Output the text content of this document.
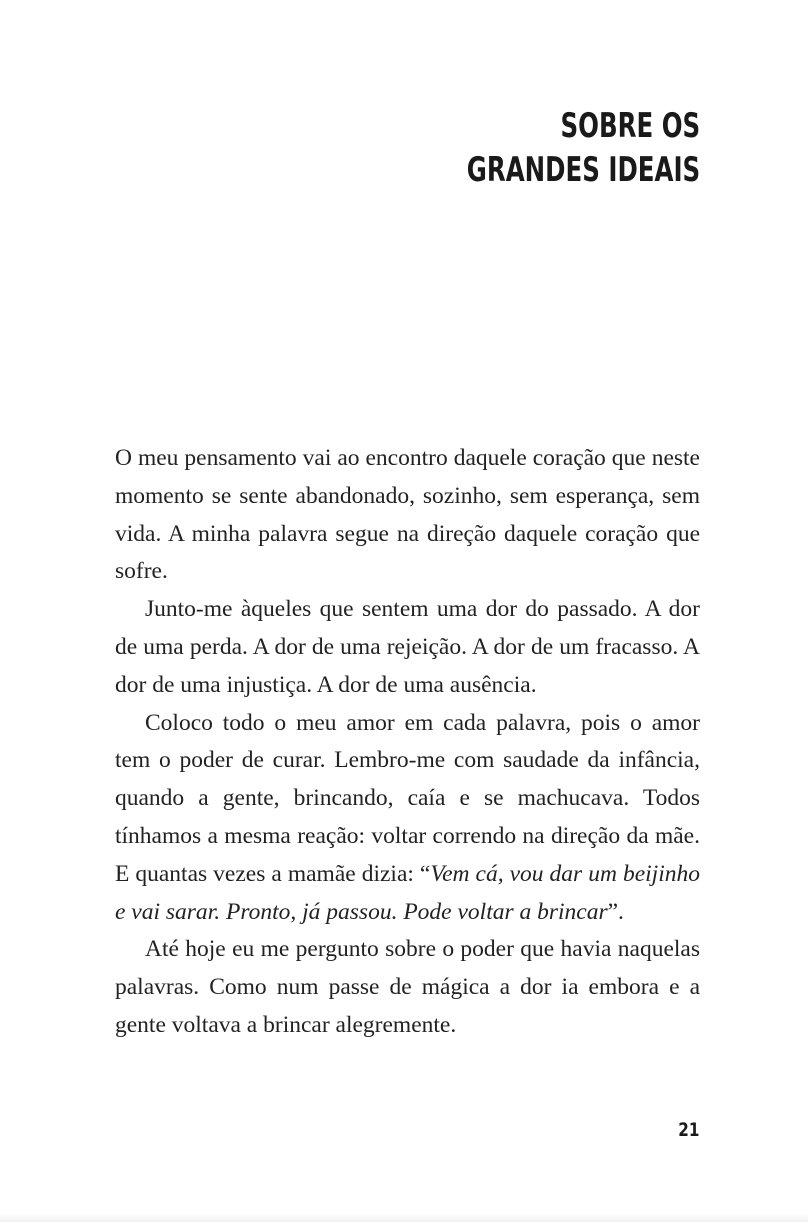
SOBRE OS
GRANDES IDEAIS

O meu pensamento vai ao encontro daquele coração que neste momento se sente abandonado, sozinho, sem esperança, sem vida. A minha palavra segue na direção daquele coração que sofre.

Junto-me àqueles que sentem uma dor do passado. A dor de uma perda. A dor de uma rejeição. A dor de um fracasso. A dor de uma injustiça. A dor de uma ausência.

Coloco todo o meu amor em cada palavra, pois o amor tem o poder de curar. Lembro-me com saudade da infância, quando a gente, brincando, caía e se machucava. Todos tínhamos a mesma reação: voltar correndo na direção da mãe. E quantas vezes a mamãe dizia: “Vem cá, vou dar um beijinho e vai sarar. Pronto, já passou. Pode voltar a brincar”.

Até hoje eu me pergunto sobre o poder que havia naquelas palavras. Como num passe de mágica a dor ia embora e a gente voltava a brincar alegremente.

21
